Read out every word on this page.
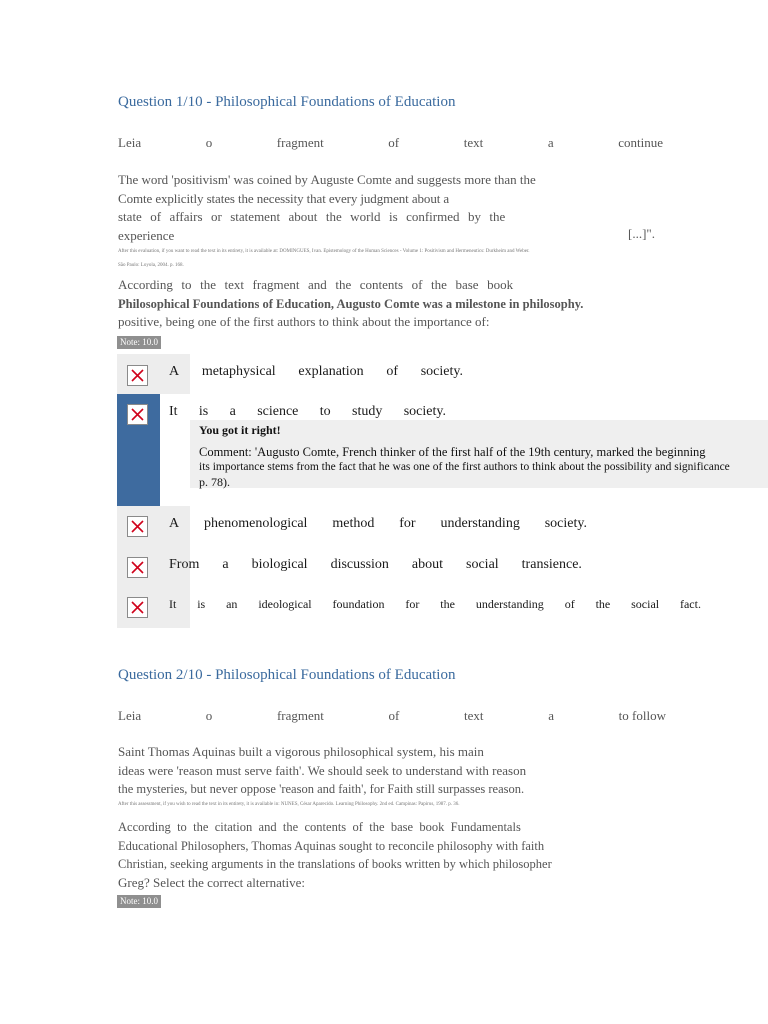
Question 1/10 - Philosophical Foundations of Education
Leia	o	fragment	of	text	a	continue
The word 'positivism' was coined by Auguste Comte and suggests more than the
Comte explicitly states the necessity that every judgment about a
state of affairs or statement about the world is confirmed by the
experience	[...]".
After this evaluation, if you want to read the text in its entirety, it is available at: DOMINGUES, Ivan. Epistemology of the Human Sciences - Volume 1: Positivism and Hermeneutics: Durkheim and Weber.
São Paulo: Loyola, 2004. p. 168.
According to the text fragment and the contents of the base book
Philosophical Foundations of Education, Augusto Comte was a milestone in philosophy.
positive, being one of the first authors to think about the importance of:
Note: 10.0
A metaphysical explanation of society.
It is a science to study society.
You got it right!
Comment: 'Augusto Comte, French thinker of the first half of the 19th century, marked the beginning
its importance stems from the fact that he was one of the first authors to think about the possibility and significance
p. 78).
A phenomenological method for understanding society.
From a biological discussion about social transience.
It is an ideological foundation for the understanding of the social fact.
Question 2/10 - Philosophical Foundations of Education
Leia	o	fragment	of	text	a	to follow
Saint Thomas Aquinas built a vigorous philosophical system, his main
ideas were 'reason must serve faith'. We should seek to understand with reason
the mysteries, but never oppose 'reason and faith', for Faith still surpasses reason.
After this assessment, if you wish to read the text in its entirety, it is available in: NUNES, César Aparecido. Learning Philosophy. 2nd ed. Campinas: Papirus, 1987. p. 36.
According to the citation and the contents of the base book Fundamentals
Educational Philosophers, Thomas Aquinas sought to reconcile philosophy with faith
Christian, seeking arguments in the translations of books written by which philosopher
Greg? Select the correct alternative:
Note: 10.0
